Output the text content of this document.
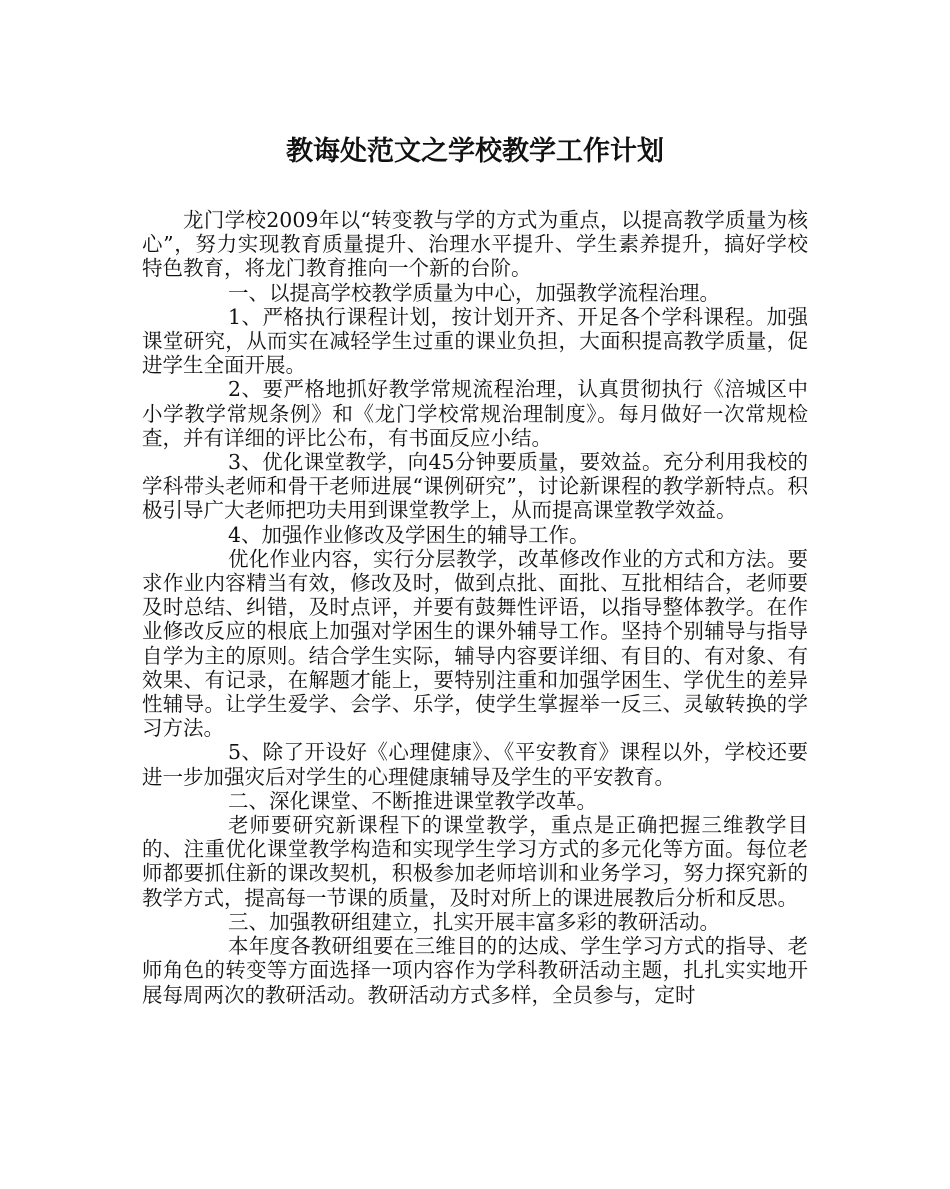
教诲处范文之学校教学工作计划

龙门学校2009年以“转变教与学的方式为重点，以提高教学质量为核心”，努力实现教育质量提升、治理水平提升、学生素养提升，搞好学校特色教育，将龙门教育推向一个新的台阶。

一、以提高学校教学质量为中心，加强教学流程治理。

1、严格执行课程计划，按计划开齐、开足各个学科课程。加强课堂研究，从而实在减轻学生过重的课业负担，大面积提高教学质量，促进学生全面开展。

2、要严格地抓好教学常规流程治理，认真贯彻执行《涪城区中小学教学常规条例》和《龙门学校常规治理制度》。每月做好一次常规检查，并有详细的评比公布，有书面反应小结。

3、优化课堂教学，向45分钟要质量，要效益。充分利用我校的学科带头老师和骨干老师进展“课例研究”，讨论新课程的教学新特点。积极引导广大老师把功夫用到课堂教学上，从而提高课堂教学效益。

4、加强作业修改及学困生的辅导工作。

优化作业内容，实行分层教学，改革修改作业的方式和方法。要求作业内容精当有效，修改及时，做到点批、面批、互批相结合，老师要及时总结、纠错，及时点评，并要有鼓舞性评语，以指导整体教学。在作业修改反应的根底上加强对学困生的课外辅导工作。坚持个别辅导与指导自学为主的原则。结合学生实际，辅导内容要详细、有目的、有对象、有效果、有记录，在解题才能上，要特别注重和加强学困生、学优生的差异性辅导。让学生爱学、会学、乐学，使学生掌握举一反三、灵敏转换的学习方法。

5、除了开设好《心理健康》、《平安教育》课程以外，学校还要进一步加强灾后对学生的心理健康辅导及学生的平安教育。

二、深化课堂、不断推进课堂教学改革。

老师要研究新课程下的课堂教学，重点是正确把握三维教学目的、注重优化课堂教学构造和实现学生学习方式的多元化等方面。每位老师都要抓住新的课改契机，积极参加老师培训和业务学习，努力探究新的教学方式，提高每一节课的质量，及时对所上的课进展教后分析和反思。

三、加强教研组建立，扎实开展丰富多彩的教研活动。

本年度各教研组要在三维目的的达成、学生学习方式的指导、老师角色的转变等方面选择一项内容作为学科教研活动主题，扎扎实实地开展每周两次的教研活动。教研活动方式多样，全员参与，定时
